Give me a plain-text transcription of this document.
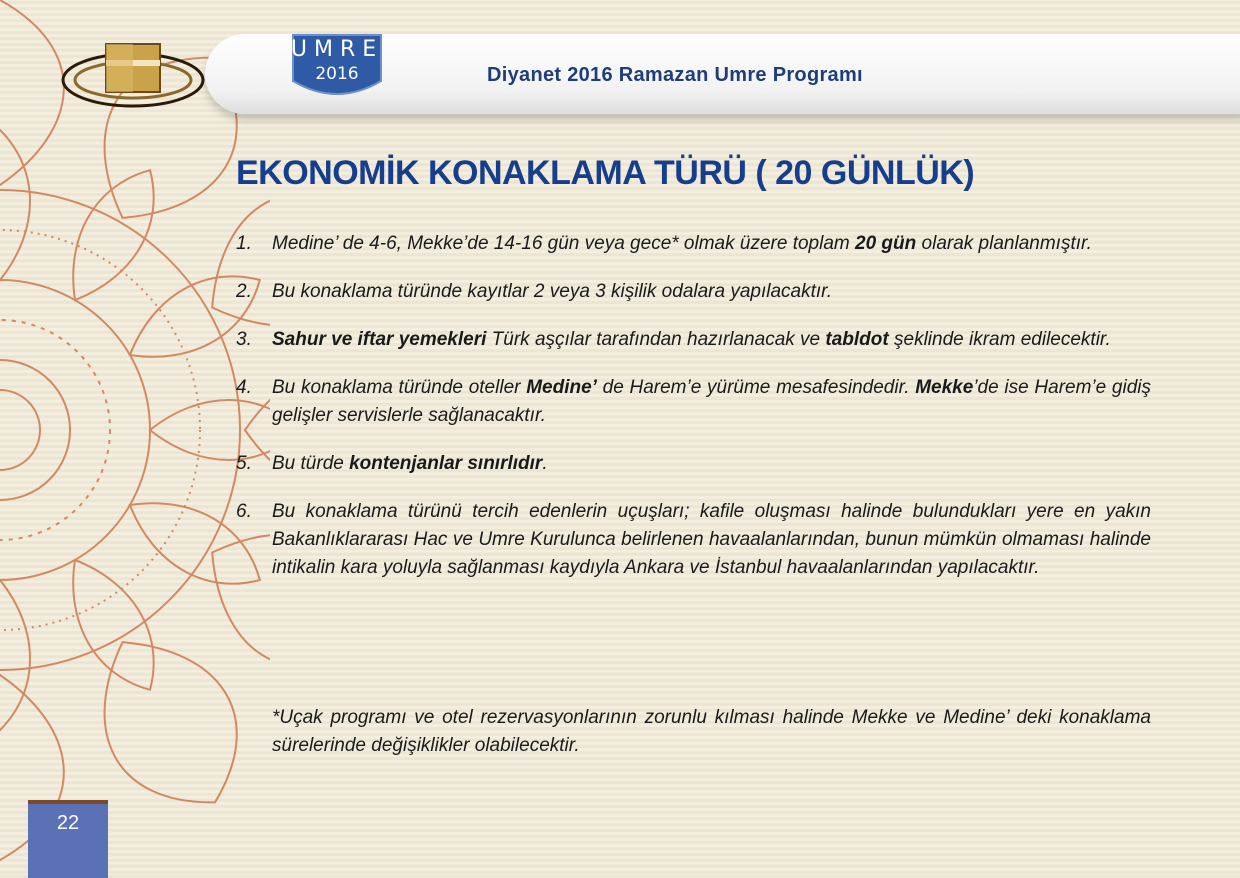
UMRE
2016	Diyanet 2016 Ramazan Umre Programı
EKONOMİK KONAKLAMA TÜRÜ ( 20 GÜNLÜK)
1. Medine’ de 4-6, Mekke’de 14-16 gün veya gece* olmak üzere toplam 20 gün olarak planlanmıştır.
2. Bu konaklama türünde kayıtlar 2 veya 3 kişilik odalara yapılacaktır.
3. Sahur ve iftar yemekleri Türk aşçılar tarafından hazırlanacak ve tabldot şeklinde ikram edilecektir.
4. Bu konaklama türünde oteller Medine’ de Harem’e yürüme mesafesindedir. Mekke’de ise Harem’e gidiş gelişler servislerle sağlanacaktır.
5. Bu türde kontenjanlar sınırlıdır.
6. Bu konaklama türünü tercih edenlerin uçuşları; kafile oluşması halinde bulundukları yere en yakın Bakanlıklararası Hac ve Umre Kurulunca belirlenen havaalanlarından, bunun mümkün olmaması halinde intikalin kara yoluyla sağlanması kaydıyla Ankara ve İstanbul havaalanlarından yapılacaktır.

*Uçak programı ve otel rezervasyonlarının zorunlu kılması halinde Mekke ve Medine’ deki konaklama sürelerinde değişiklikler olabilecektir.

22
